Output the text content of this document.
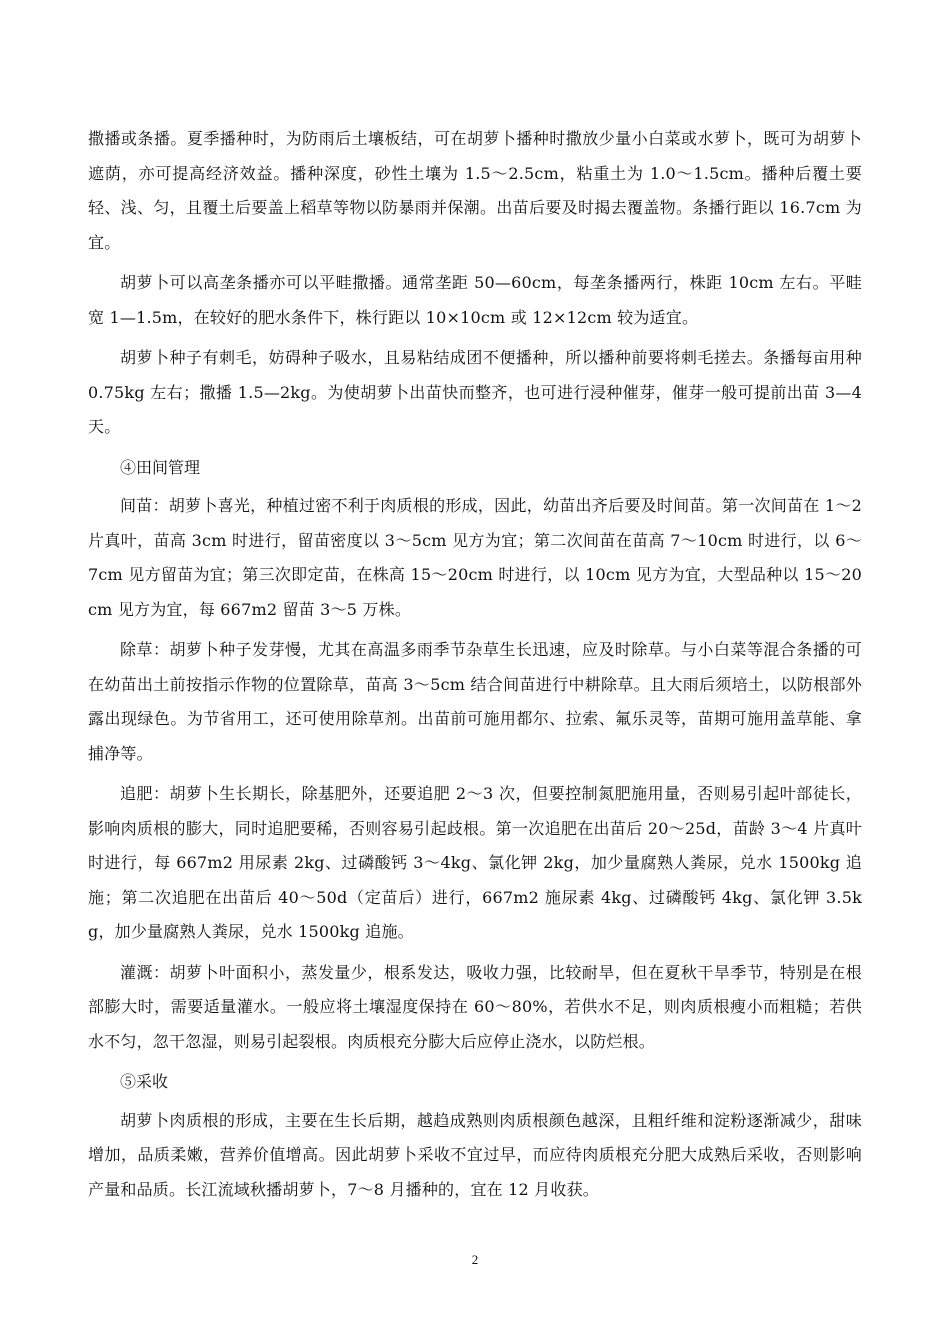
撒播或条播。夏季播种时，为防雨后土壤板结，可在胡萝卜播种时撒放少量小白菜或水萝卜，既可为胡萝卜遮荫，亦可提高经济效益。播种深度，砂性土壤为 1.5～2.5cm，粘重土为 1.0～1.5cm。播种后覆土要轻、浅、匀，且覆土后要盖上稻草等物以防暴雨并保潮。出苗后要及时揭去覆盖物。条播行距以 16.7cm 为宜。

胡萝卜可以高垄条播亦可以平畦撒播。通常垄距 50—60cm，每垄条播两行，株距 10cm 左右。平畦宽 1—1.5m，在较好的肥水条件下，株行距以 10×10cm 或 12×12cm 较为适宜。

胡萝卜种子有刺毛，妨碍种子吸水，且易粘结成团不便播种，所以播种前要将刺毛搓去。条播每亩用种 0.75kg 左右；撒播 1.5—2kg。为使胡萝卜出苗快而整齐，也可进行浸种催芽，催芽一般可提前出苗 3—4 天。

④田间管理

间苗：胡萝卜喜光，种植过密不利于肉质根的形成，因此，幼苗出齐后要及时间苗。第一次间苗在 1～2 片真叶，苗高 3cm 时进行，留苗密度以 3～5cm 见方为宜；第二次间苗在苗高 7～10cm 时进行，以 6～7cm 见方留苗为宜；第三次即定苗，在株高 15～20cm 时进行，以 10cm 见方为宜，大型品种以 15～20cm 见方为宜，每 667m2 留苗 3～5 万株。

除草：胡萝卜种子发芽慢，尤其在高温多雨季节杂草生长迅速，应及时除草。与小白菜等混合条播的可在幼苗出土前按指示作物的位置除草，苗高 3～5cm 结合间苗进行中耕除草。且大雨后须培土，以防根部外露出现绿色。为节省用工，还可使用除草剂。出苗前可施用都尔、拉索、氟乐灵等，苗期可施用盖草能、拿捕净等。

追肥：胡萝卜生长期长，除基肥外，还要追肥 2～3 次，但要控制氮肥施用量，否则易引起叶部徒长，影响肉质根的膨大，同时追肥要稀，否则容易引起歧根。第一次追肥在出苗后 20～25d，苗龄 3～4 片真叶时进行，每 667m2 用尿素 2kg、过磷酸钙 3～4kg、氯化钾 2kg，加少量腐熟人粪尿，兑水 1500kg 追施；第二次追肥在出苗后 40～50d（定苗后）进行，667m2 施尿素 4kg、过磷酸钙 4kg、氯化钾 3.5kg，加少量腐熟人粪尿，兑水 1500kg 追施。

灌溉：胡萝卜叶面积小，蒸发量少，根系发达，吸收力强，比较耐旱，但在夏秋干旱季节，特别是在根部膨大时，需要适量灌水。一般应将土壤湿度保持在 60～80%，若供水不足，则肉质根瘦小而粗糙；若供水不匀，忽干忽湿，则易引起裂根。肉质根充分膨大后应停止浇水，以防烂根。

⑤采收

胡萝卜肉质根的形成，主要在生长后期，越趋成熟则肉质根颜色越深，且粗纤维和淀粉逐渐减少，甜味增加，品质柔嫩，营养价值增高。因此胡萝卜采收不宜过早，而应待肉质根充分肥大成熟后采收，否则影响产量和品质。长江流域秋播胡萝卜，7～8 月播种的，宜在 12 月收获。

2
